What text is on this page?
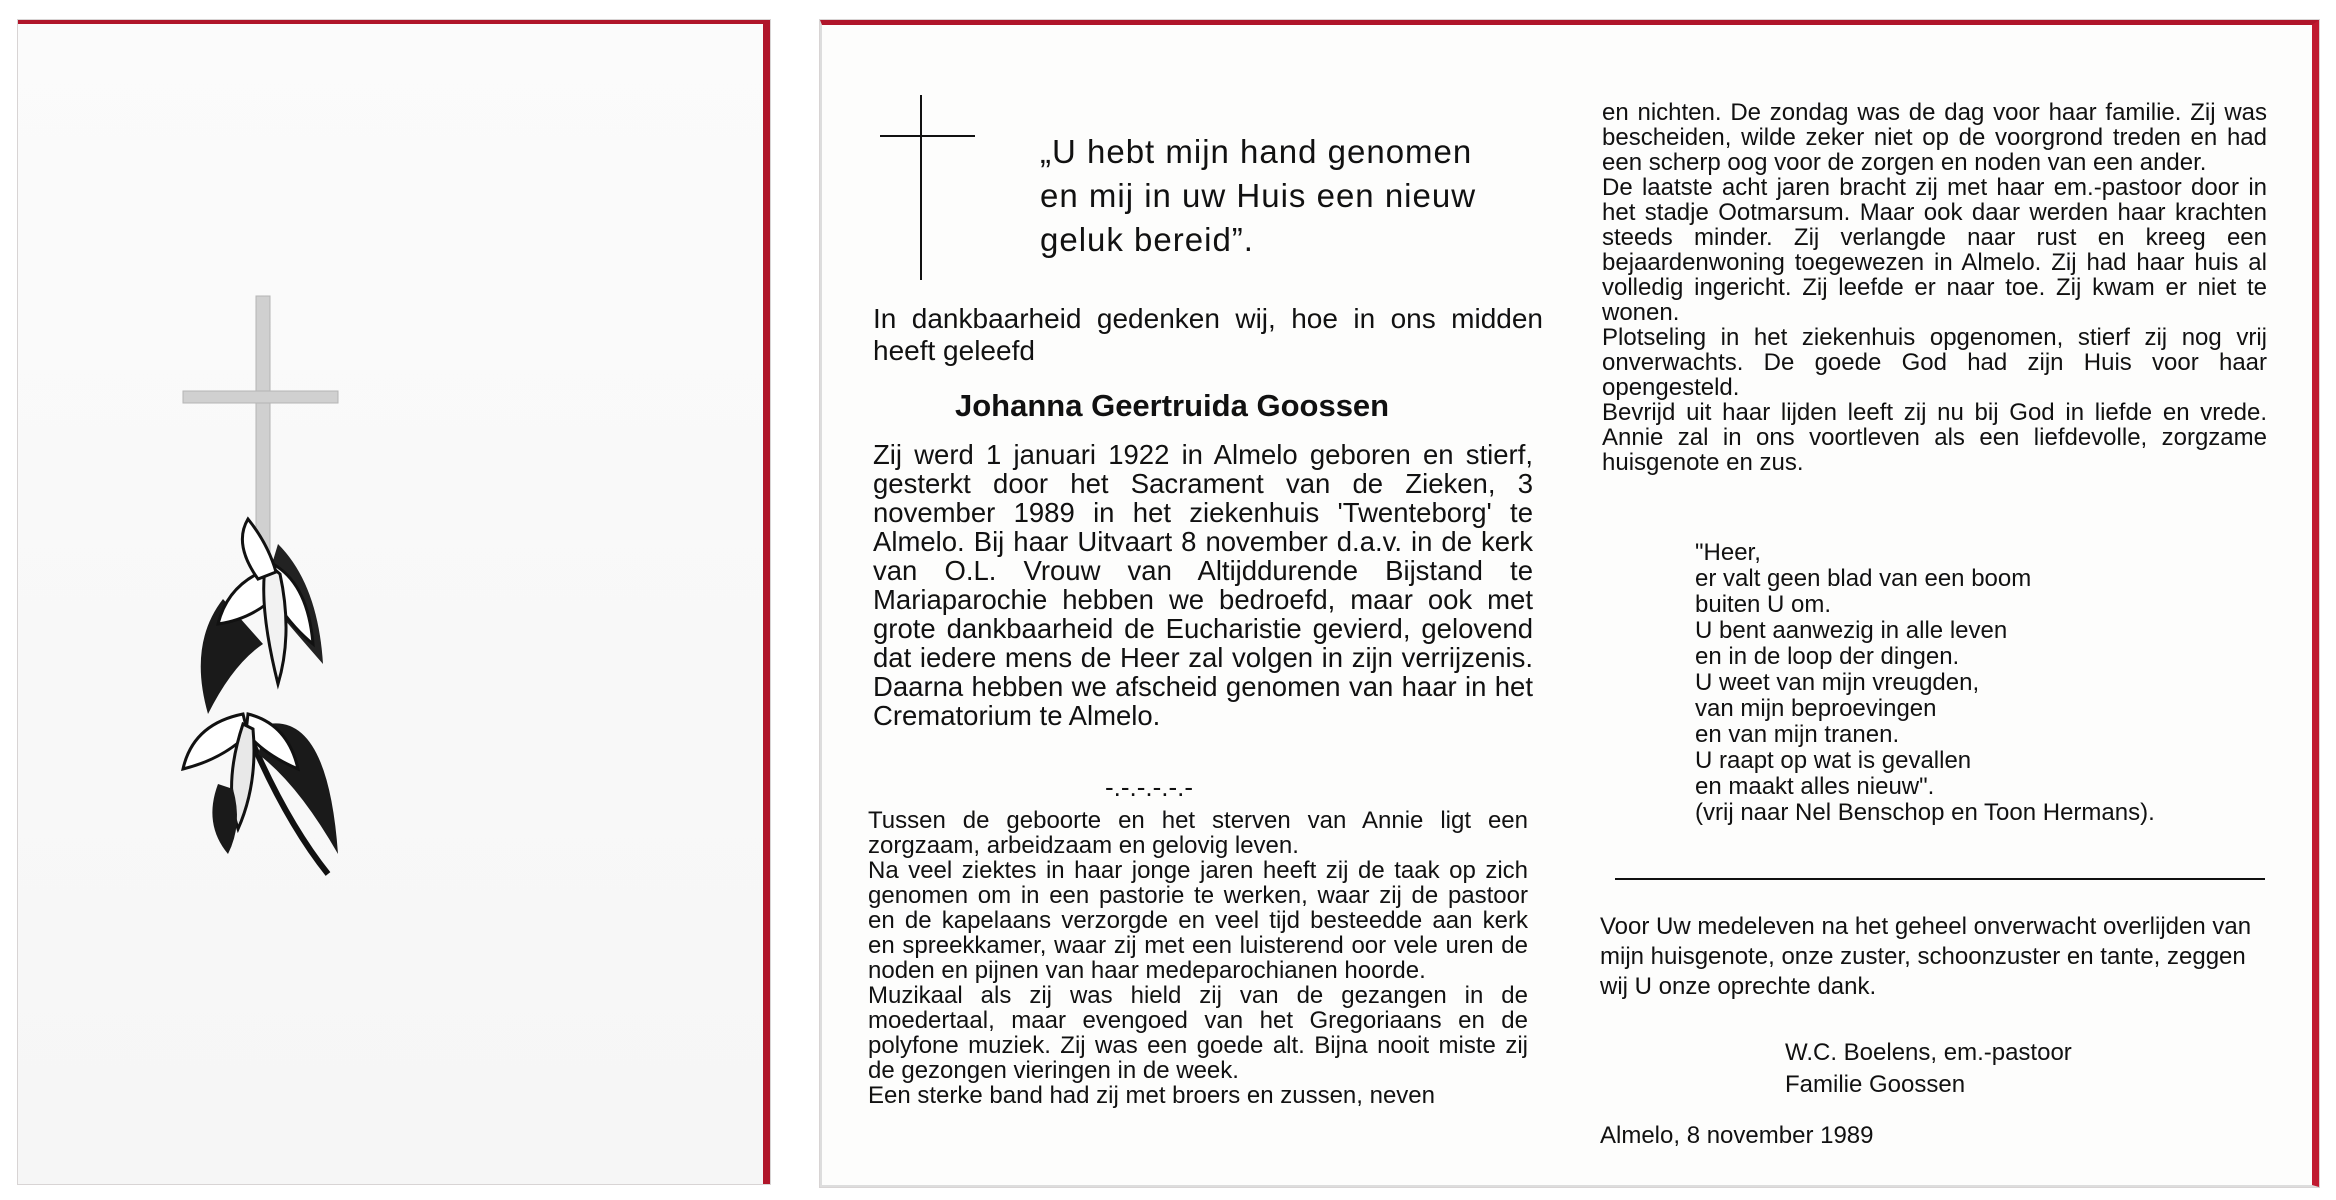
„U hebt mijn hand genomen
en mij in uw Huis een nieuw
geluk bereid”.
In dankbaarheid gedenken wij, hoe in ons midden heeft geleefd
Johanna Geertruida Goossen
Zij werd 1 januari 1922 in Almelo geboren en stierf, gesterkt door het Sacrament van de Zieken, 3 november 1989 in het ziekenhuis 'Twenteborg' te Almelo. Bij haar Uitvaart 8 november d.a.v. in de kerk van O.L. Vrouw van Altijddurende Bijstand te Mariaparochie hebben we bedroefd, maar ook met grote dankbaarheid de Eucharistie gevierd, gelovend dat iedere mens de Heer zal volgen in zijn verrijzenis. Daarna hebben we afscheid genomen van haar in het Crematorium te Almelo.
-.-.-.-.-.-

Tussen de geboorte en het sterven van Annie ligt een zorgzaam, arbeidzaam en gelovig leven.

Na veel ziektes in haar jonge jaren heeft zij de taak op zich genomen om in een pastorie te werken, waar zij de pastoor en de kapelaans verzorgde en veel tijd besteedde aan kerk en spreekkamer, waar zij met een luisterend oor vele uren de noden en pijnen van haar medeparochianen hoorde.

Muzikaal als zij was hield zij van de gezangen in de moedertaal, maar evengoed van het Gregoriaans en de polyfone muziek. Zij was een goede alt. Bijna nooit miste zij de gezongen vieringen in de week.

Een sterke band had zij met broers en zussen, neven

en nichten. De zondag was de dag voor haar familie. Zij was bescheiden, wilde zeker niet op de voorgrond treden en had een scherp oog voor de zorgen en noden van een ander.

De laatste acht jaren bracht zij met haar em.-pastoor door in het stadje Ootmarsum. Maar ook daar werden haar krachten steeds minder. Zij verlangde naar rust en kreeg een bejaardenwoning toegewezen in Almelo. Zij had haar huis al volledig ingericht. Zij leefde er naar toe. Zij kwam er niet te wonen.

Plotseling in het ziekenhuis opgenomen, stierf zij nog vrij onverwachts. De goede God had zijn Huis voor haar opengesteld.

Bevrijd uit haar lijden leeft zij nu bij God in liefde en vrede. Annie zal in ons voortleven als een liefdevolle, zorgzame huisgenote en zus.

"Heer,
er valt geen blad van een boom
buiten U om.
U bent aanwezig in alle leven
en in de loop der dingen.
U weet van mijn vreugden,
van mijn beproevingen
en van mijn tranen.
U raapt op wat is gevallen
en maakt alles nieuw".
(vrij naar Nel Benschop en Toon Hermans).
Voor Uw medeleven na het geheel onverwacht overlijden van mijn huisgenote, onze zuster, schoonzuster en tante, zeggen wij U onze oprechte dank.
W.C. Boelens, em.-pastoor
Familie Goossen
Almelo, 8 november 1989
